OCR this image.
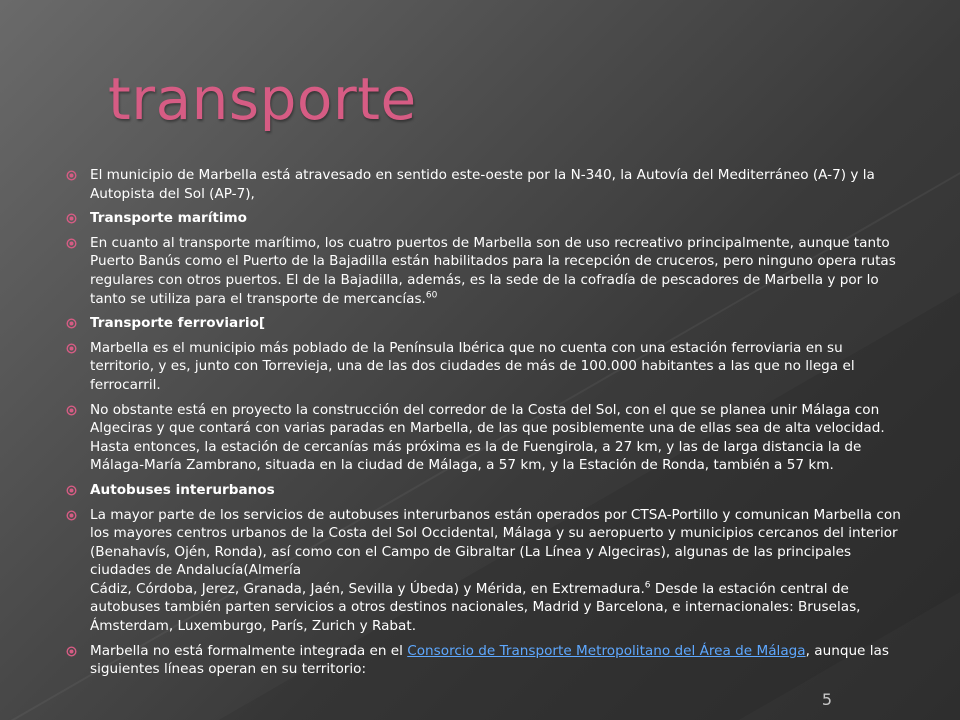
transporte
El municipio de Marbella está atravesado en sentido este-oeste por la N-340, la Autovía del Mediterráneo (A-7) y la Autopista del Sol (AP-7),
Transporte marítimo
En cuanto al transporte marítimo, los cuatro puertos de Marbella son de uso recreativo principalmente, aunque tanto Puerto Banús como el Puerto de la Bajadilla están habilitados para la recepción de cruceros, pero ninguno opera rutas regulares con otros puertos. El de la Bajadilla, además, es la sede de la cofradía de pescadores de Marbella y por lo tanto se utiliza para el transporte de mercancías.$^{60}$
Transporte ferroviario[
Marbella es el municipio más poblado de la Península Ibérica que no cuenta con una estación ferroviaria en su territorio, y es, junto con Torrevieja, una de las dos ciudades de más de 100.000 habitantes a las que no llega el ferrocarril.
No obstante está en proyecto la construcción del corredor de la Costa del Sol, con el que se planea unir Málaga con Algeciras y que contará con varias paradas en Marbella, de las que posiblemente una de ellas sea de alta velocidad. Hasta entonces, la estación de cercanías más próxima es la de Fuengirola, a 27 km, y las de larga distancia la de Málaga-María Zambrano, situada en la ciudad de Málaga, a 57 km, y la Estación de Ronda, también a 57 km.
Autobuses interurbanos
La mayor parte de los servicios de autobuses interurbanos están operados por CTSA-Portillo y comunican Marbella con los mayores centros urbanos de la Costa del Sol Occidental, Málaga y su aeropuerto y municipios cercanos del interior (Benahavís, Ojén, Ronda), así como con el Campo de Gibraltar (La Línea y Algeciras), algunas de las principales ciudades de Andalucía(Almería
Cádiz, Córdoba, Jerez, Granada, Jaén, Sevilla y Úbeda) y Mérida, en Extremadura.$^6$ Desde la estación central de autobuses también parten servicios a otros destinos nacionales, Madrid y Barcelona, e internacionales: Bruselas, Ámsterdam, Luxemburgo, París, Zurich y Rabat.
Marbella no está formalmente integrada en el Consorcio de Transporte Metropolitano del Área de Málaga, aunque las siguientes líneas operan en su territorio:
5
